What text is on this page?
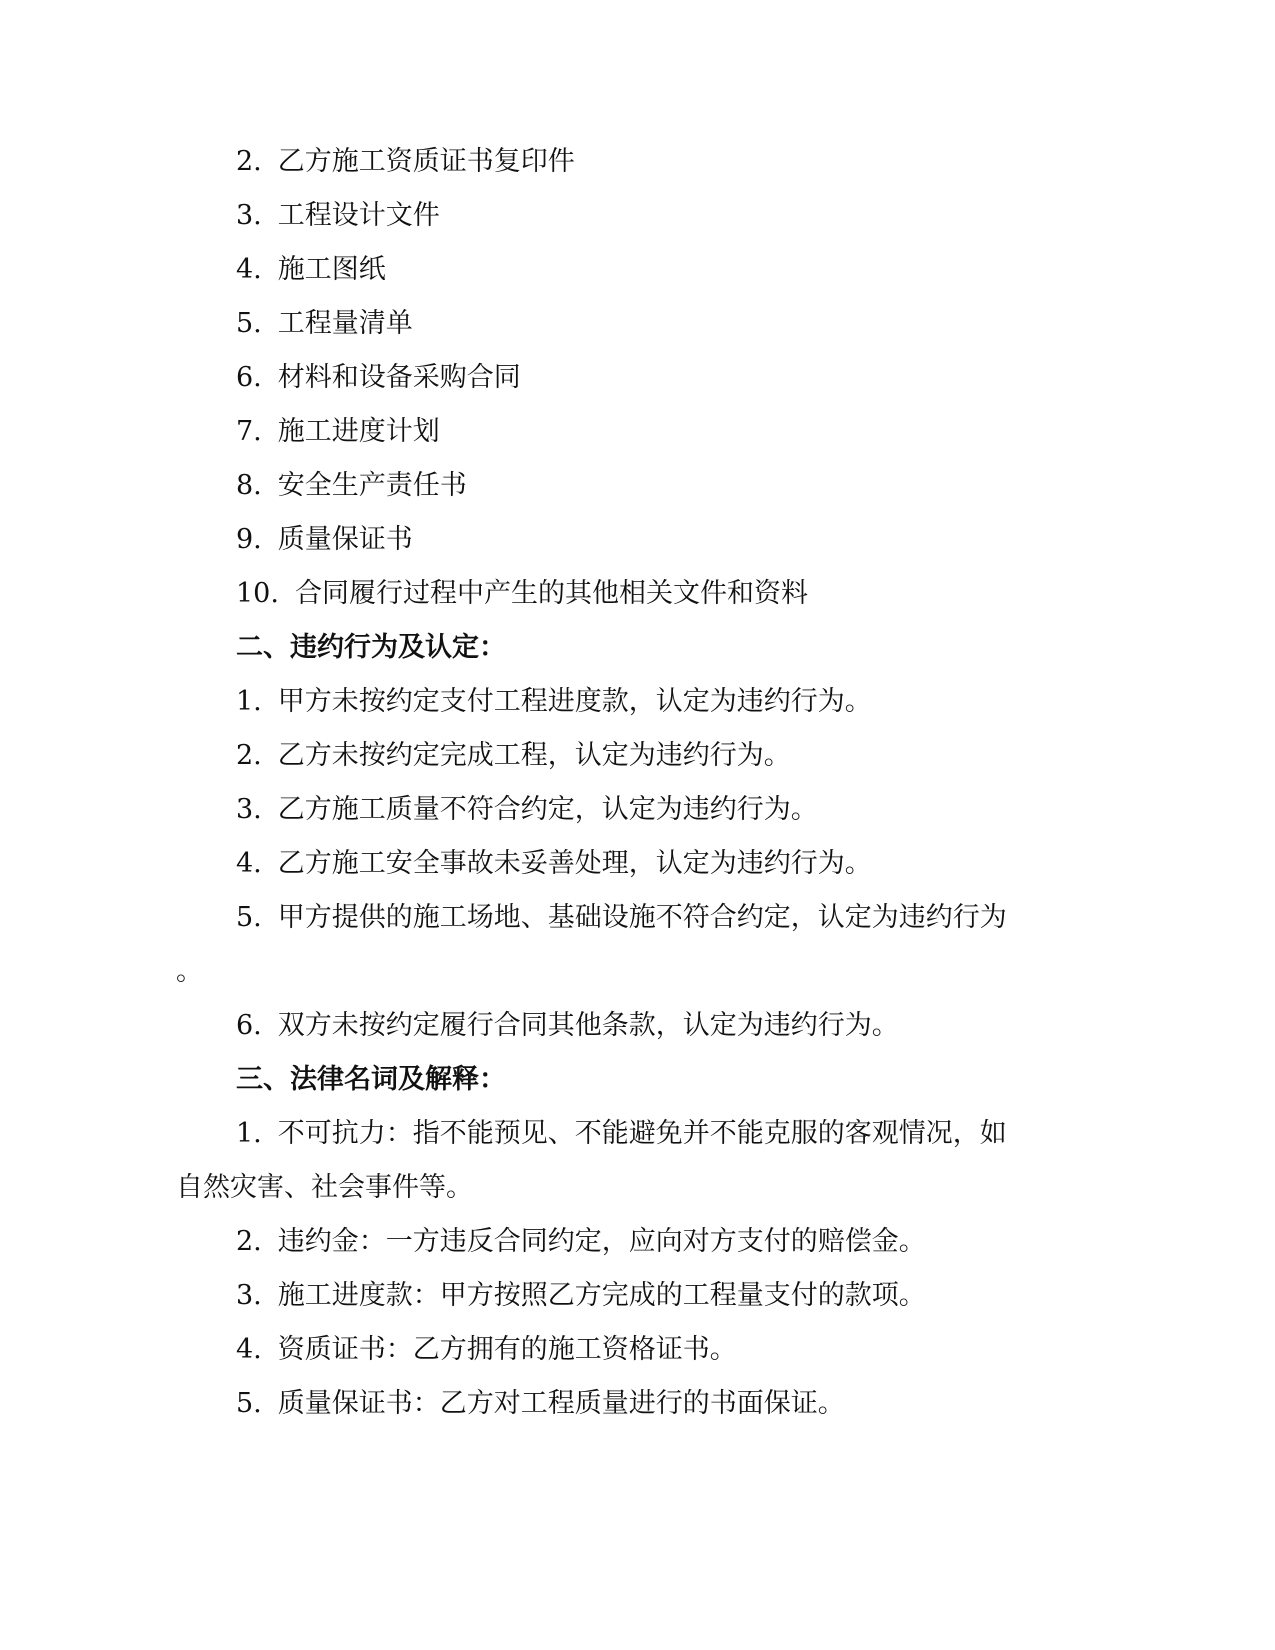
2. 乙方施工资质证书复印件
3. 工程设计文件
4. 施工图纸
5. 工程量清单
6. 材料和设备采购合同
7. 施工进度计划
8. 安全生产责任书
9. 质量保证书
10. 合同履行过程中产生的其他相关文件和资料
二、违约行为及认定：
1. 甲方未按约定支付工程进度款，认定为违约行为。
2. 乙方未按约定完成工程，认定为违约行为。
3. 乙方施工质量不符合约定，认定为违约行为。
4. 乙方施工安全事故未妥善处理，认定为违约行为。
5. 甲方提供的施工场地、基础设施不符合约定，认定为违约行为
。
6. 双方未按约定履行合同其他条款，认定为违约行为。
三、法律名词及解释：
1. 不可抗力：指不能预见、不能避免并不能克服的客观情况，如
自然灾害、社会事件等。
2. 违约金：一方违反合同约定，应向对方支付的赔偿金。
3. 施工进度款：甲方按照乙方完成的工程量支付的款项。
4. 资质证书：乙方拥有的施工资格证书。
5. 质量保证书：乙方对工程质量进行的书面保证。
